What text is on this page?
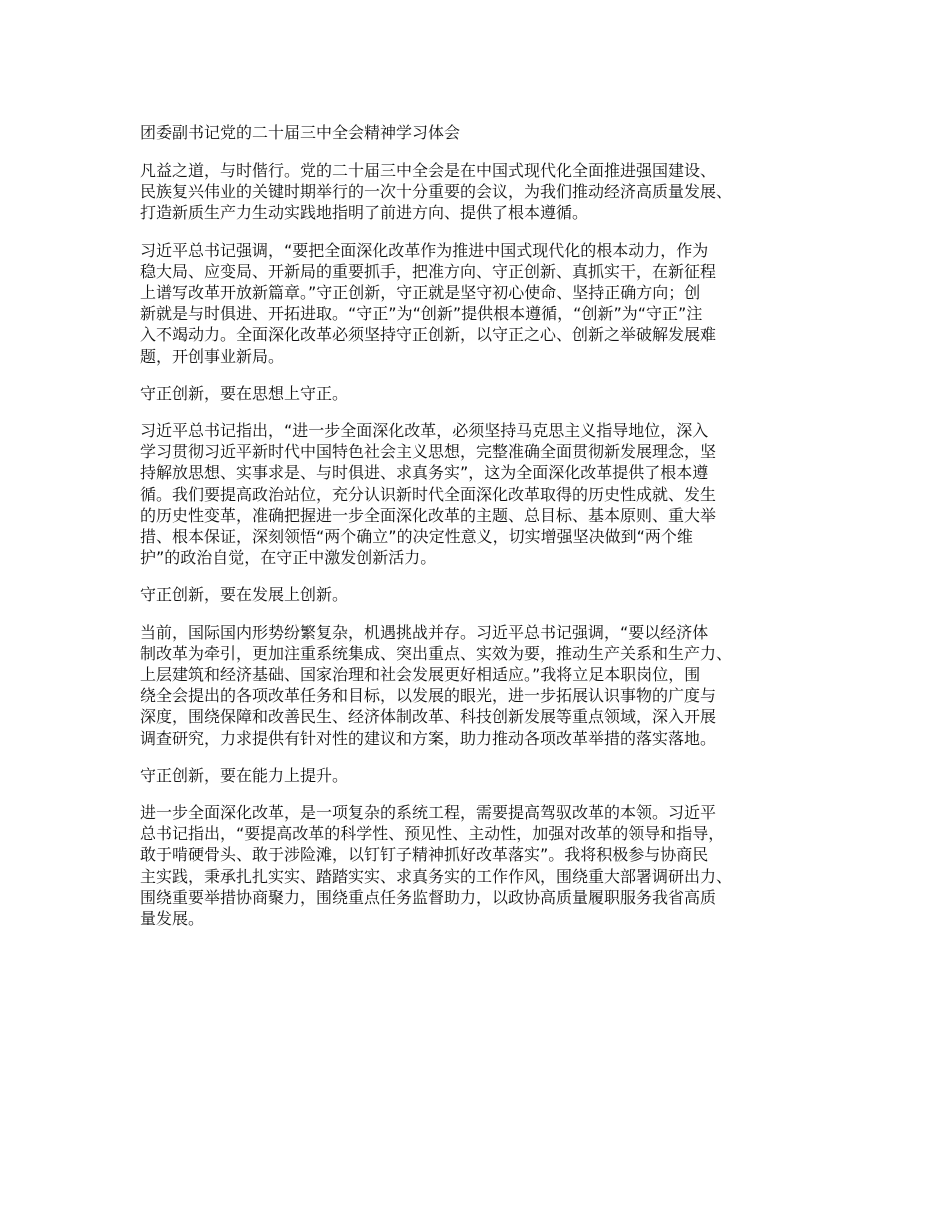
团委副书记党的二十届三中全会精神学习体会
凡益之道，与时偕行。党的二十届三中全会是在中国式现代化全面推进强国建设、
民族复兴伟业的关键时期举行的一次十分重要的会议，为我们推动经济高质量发展、
打造新质生产力生动实践地指明了前进方向、提供了根本遵循。
习近平总书记强调，“要把全面深化改革作为推进中国式现代化的根本动力，作为
稳大局、应变局、开新局的重要抓手，把准方向、守正创新、真抓实干，在新征程
上谱写改革开放新篇章。”守正创新，守正就是坚守初心使命、坚持正确方向；创
新就是与时俱进、开拓进取。“守正”为“创新”提供根本遵循，“创新”为“守正”注
入不竭动力。全面深化改革必须坚持守正创新，以守正之心、创新之举破解发展难
题，开创事业新局。
守正创新，要在思想上守正。
习近平总书记指出，“进一步全面深化改革，必须坚持马克思主义指导地位，深入
学习贯彻习近平新时代中国特色社会主义思想，完整准确全面贯彻新发展理念，坚
持解放思想、实事求是、与时俱进、求真务实”，这为全面深化改革提供了根本遵
循。我们要提高政治站位，充分认识新时代全面深化改革取得的历史性成就、发生
的历史性变革，准确把握进一步全面深化改革的主题、总目标、基本原则、重大举
措、根本保证，深刻领悟“两个确立”的决定性意义，切实增强坚决做到“两个维
护”的政治自觉，在守正中激发创新活力。
守正创新，要在发展上创新。
当前，国际国内形势纷繁复杂，机遇挑战并存。习近平总书记强调，“要以经济体
制改革为牵引，更加注重系统集成、突出重点、实效为要，推动生产关系和生产力、
上层建筑和经济基础、国家治理和社会发展更好相适应。”我将立足本职岗位，围
绕全会提出的各项改革任务和目标，以发展的眼光，进一步拓展认识事物的广度与
深度，围绕保障和改善民生、经济体制改革、科技创新发展等重点领域，深入开展
调查研究，力求提供有针对性的建议和方案，助力推动各项改革举措的落实落地。
守正创新，要在能力上提升。
进一步全面深化改革，是一项复杂的系统工程，需要提高驾驭改革的本领。习近平
总书记指出，“要提高改革的科学性、预见性、主动性，加强对改革的领导和指导，
敢于啃硬骨头、敢于涉险滩，以钉钉子精神抓好改革落实”。我将积极参与协商民
主实践，秉承扎扎实实、踏踏实实、求真务实的工作作风，围绕重大部署调研出力、
围绕重要举措协商聚力，围绕重点任务监督助力，以政协高质量履职服务我省高质
量发展。
